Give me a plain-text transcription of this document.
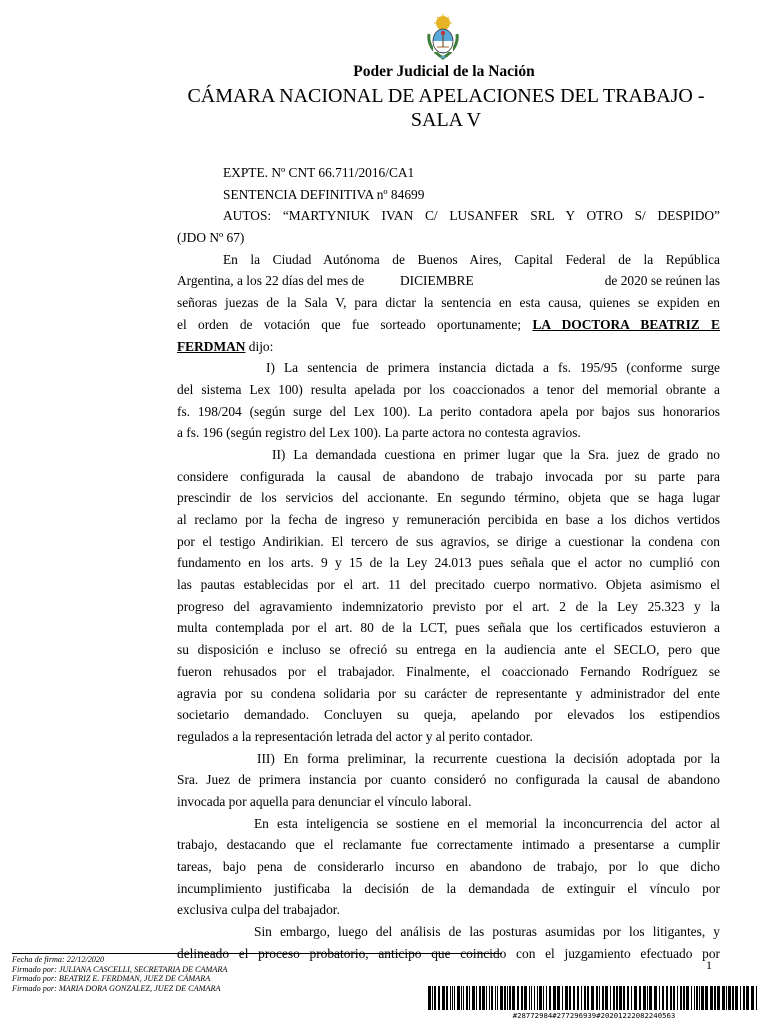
Poder Judicial de la Nación
CÁMARA NACIONAL DE APELACIONES DEL TRABAJO -
SALA V
EXPTE. Nº CNT 66.711/2016/CA1
SENTENCIA DEFINITIVA nº 84699
AUTOS: “MARTYNIUK IVAN C/ LUSANFER SRL Y OTRO S/ DESPIDO”
(JDO Nº 67)
En la Ciudad Autónoma de Buenos Aires, Capital Federal de la República
Argentina, a los 22 días del mes de	DICIEMBRE	de 2020 se reúnen las
señoras juezas de la Sala V, para dictar la sentencia en esta causa, quienes se expiden en
el orden de votación que fue sorteado oportunamente; LA DOCTORA BEATRIZ E
FERDMAN dijo:
I) La sentencia de primera instancia dictada a fs. 195/95 (conforme surge
del sistema Lex 100) resulta apelada por los coaccionados a tenor del memorial obrante a
fs. 198/204 (según surge del Lex 100). La perito contadora apela por bajos sus honorarios
a fs. 196 (según registro del Lex 100). La parte actora no contesta agravios.
II) La demandada cuestiona en primer lugar que la Sra. juez de grado no
considere configurada la causal de abandono de trabajo invocada por su parte para
prescindir de los servicios del accionante. En segundo término, objeta que se haga lugar
al reclamo por la fecha de ingreso y remuneración percibida en base a los dichos vertidos
por el testigo Andirikian. El tercero de sus agravios, se dirige a cuestionar la condena con
fundamento en los arts. 9 y 15 de la Ley 24.013 pues señala que el actor no cumplió con
las pautas establecidas por el art. 11 del precitado cuerpo normativo. Objeta asimismo el
progreso del agravamiento indemnizatorio previsto por el art. 2 de la Ley 25.323 y la
multa contemplada por el art. 80 de la LCT, pues señala que los certificados estuvieron a
su disposición e incluso se ofreció su entrega en la audiencia ante el SECLO, pero que
fueron rehusados por el trabajador. Finalmente, el coaccionado Fernando Rodríguez se
agravia por su condena solidaria por su carácter de representante y administrador del ente
societario demandado. Concluyen su queja, apelando por elevados los estipendios
regulados a la representación letrada del actor y al perito contador.
III) En forma preliminar, la recurrente cuestiona la decisión adoptada por la
Sra. Juez de primera instancia por cuanto consideró no configurada la causal de abandono
invocada por aquella para denunciar el vínculo laboral.
En esta inteligencia se sostiene en el memorial la inconcurrencia del actor al
trabajo, destacando que el reclamante fue correctamente intimado a presentarse a cumplir
tareas, bajo pena de considerarlo incurso en abandono de trabajo, por lo que dicho
incumplimiento justificaba la decisión de la demandada de extinguir el vínculo por
exclusiva culpa del trabajador.
Sin embargo, luego del análisis de las posturas asumidas por los litigantes, y
delineado el proceso probatorio, anticipo que coincido con el juzgamiento efectuado por
Fecha de firma: 22/12/2020
Firmado por: JULIANA CASCELLI, SECRETARIA DE CAMARA
Firmado por: BEATRIZ E. FERDMAN, JUEZ DE CÁMARA
Firmado por: MARIA DORA GONZALEZ, JUEZ DE CAMARA
1
#28772984#277296939#20201222082240563
